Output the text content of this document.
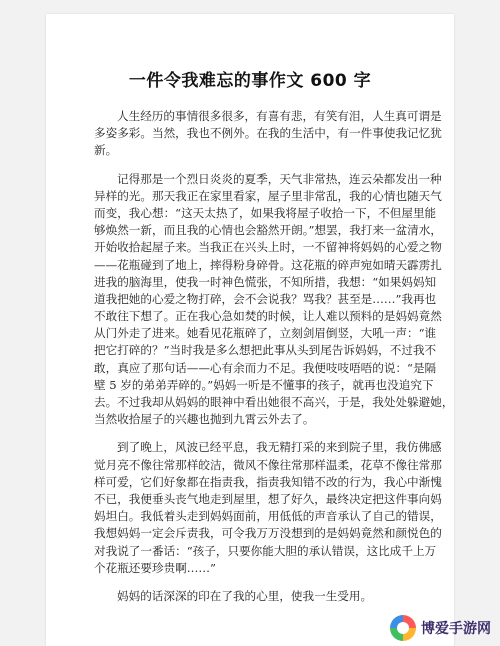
一件令我难忘的事作文 600 字
人生经历的事情很多很多，有喜有悲，有笑有泪，人生真可谓是
多姿多彩。当然，我也不例外。在我的生活中，有一件事使我记忆犹
新。
记得那是一个烈日炎炎的夏季，天气非常热，连云朵都发出一种
异样的光。那天我正在家里看家，屋子里非常乱，我的心情也随天气
而变，我心想：“这天太热了，如果我将屋子收拾一下，不但屋里能
够焕然一新，而且我的心情也会豁然开朗。”想罢，我打来一盆清水，
开始收拾起屋子来。当我正在兴头上时，一不留神将妈妈的心爱之物
——花瓶碰到了地上，摔得粉身碎骨。这花瓶的碎声宛如晴天霹雳扎
进我的脑海里，使我一时神色慌张，不知所措，我想：“如果妈妈知
道我把她的心爱之物打碎，会不会说我？骂我？甚至是……”我再也
不敢往下想了。正在我心急如焚的时候，让人难以预料的是妈妈竟然
从门外走了进来。她看见花瓶碎了，立刻剑眉倒竖，大吼一声：“谁
把它打碎的？”当时我是多么想把此事从头到尾告诉妈妈，不过我不
敢，真应了那句话——心有余而力不足。我便吱吱唔唔的说：“是隔
壁 5 岁的弟弟弄碎的。”妈妈一听是不懂事的孩子，就再也没追究下
去。不过我却从妈妈的眼神中看出她很不高兴，于是，我处处躲避她，
当然收拾屋子的兴趣也抛到九霄云外去了。
到了晚上，风波已经平息，我无精打采的来到院子里，我仿佛感
觉月亮不像往常那样皎洁，微风不像往常那样温柔，花草不像往常那
样可爱，它们好象都在指责我，指责我知错不改的行为，我心中渐愧
不已，我便垂头丧气地走到屋里，想了好久，最终决定把这件事向妈
妈坦白。我低着头走到妈妈面前，用低低的声音承认了自己的错误，
我想妈妈一定会斥责我，可令我万万没想到的是妈妈竟然和颜悦色的
对我说了一番话：“孩子，只要你能大胆的承认错误，这比成千上万
个花瓶还要珍贵啊……”
妈妈的话深深的印在了我的心里，使我一生受用。
博爱手游网
